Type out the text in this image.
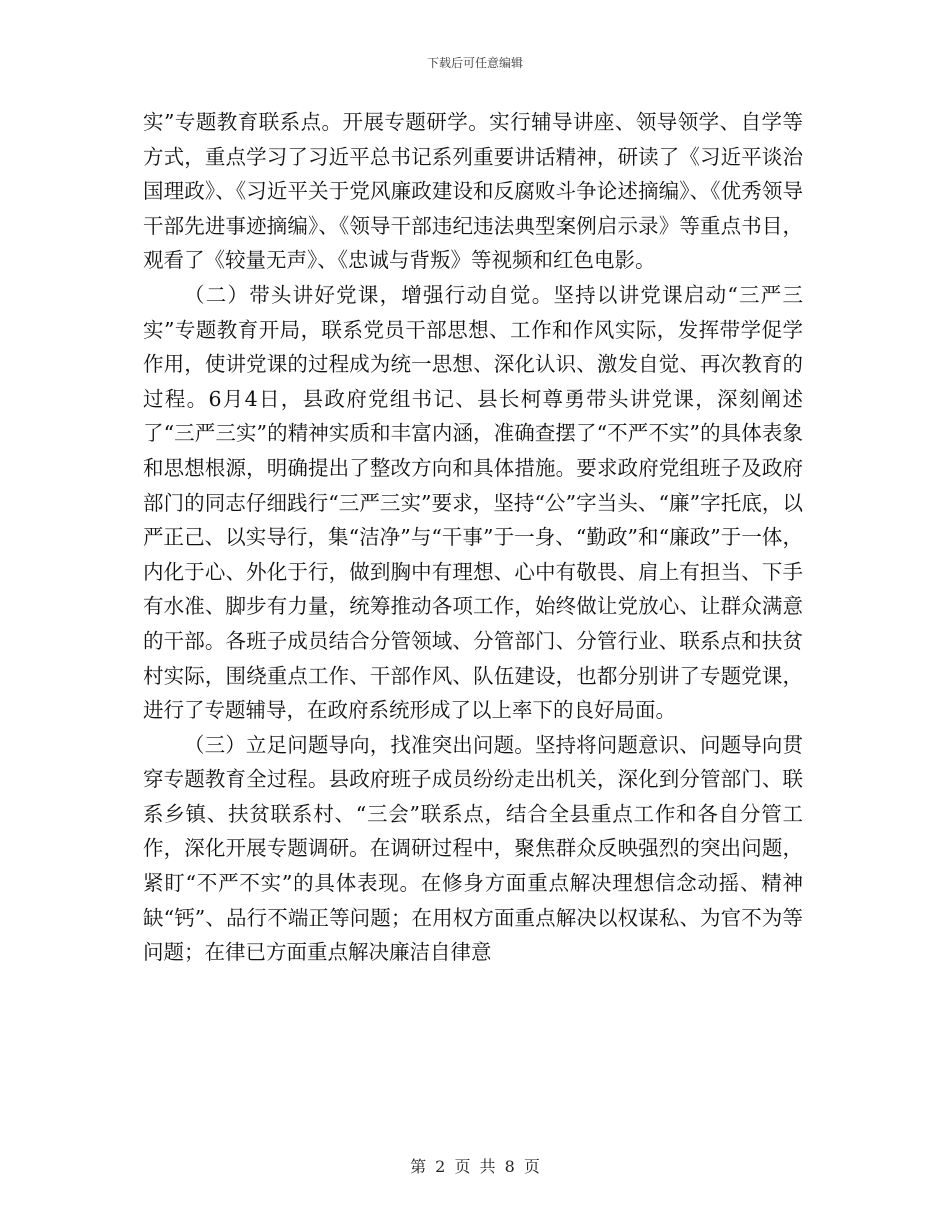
下载后可任意编辑

实”专题教育联系点。开展专题研学。实行辅导讲座、领导领学、自学等方式，重点学习了习近平总书记系列重要讲话精神，研读了《习近平谈治国理政》、《习近平关于党风廉政建设和反腐败斗争论述摘编》、《优秀领导干部先进事迹摘编》、《领导干部违纪违法典型案例启示录》等重点书目，观看了《较量无声》、《忠诚与背叛》等视频和红色电影。

（二）带头讲好党课，增强行动自觉。坚持以讲党课启动“三严三实”专题教育开局，联系党员干部思想、工作和作风实际，发挥带学促学作用，使讲党课的过程成为统一思想、深化认识、激发自觉、再次教育的过程。6月4日，县政府党组书记、县长柯尊勇带头讲党课，深刻阐述了“三严三实”的精神实质和丰富内涵，准确查摆了“不严不实”的具体表象和思想根源，明确提出了整改方向和具体措施。要求政府党组班子及政府部门的同志仔细践行“三严三实”要求，坚持“公”字当头、“廉”字托底，以严正己、以实导行，集“洁净”与“干事”于一身、“勤政”和“廉政”于一体，内化于心、外化于行，做到胸中有理想、心中有敬畏、肩上有担当、下手有水准、脚步有力量，统筹推动各项工作，始终做让党放心、让群众满意的干部。各班子成员结合分管领域、分管部门、分管行业、联系点和扶贫村实际，围绕重点工作、干部作风、队伍建设，也都分别讲了专题党课，进行了专题辅导，在政府系统形成了以上率下的良好局面。

（三）立足问题导向，找准突出问题。坚持将问题意识、问题导向贯穿专题教育全过程。县政府班子成员纷纷走出机关，深化到分管部门、联系乡镇、扶贫联系村、“三会”联系点，结合全县重点工作和各自分管工作，深化开展专题调研。在调研过程中，聚焦群众反映强烈的突出问题，紧盯“不严不实”的具体表现。在修身方面重点解决理想信念动摇、精神缺“钙”、品行不端正等问题；在用权方面重点解决以权谋私、为官不为等问题；在律已方面重点解决廉洁自律意

第 2 页 共 8 页
